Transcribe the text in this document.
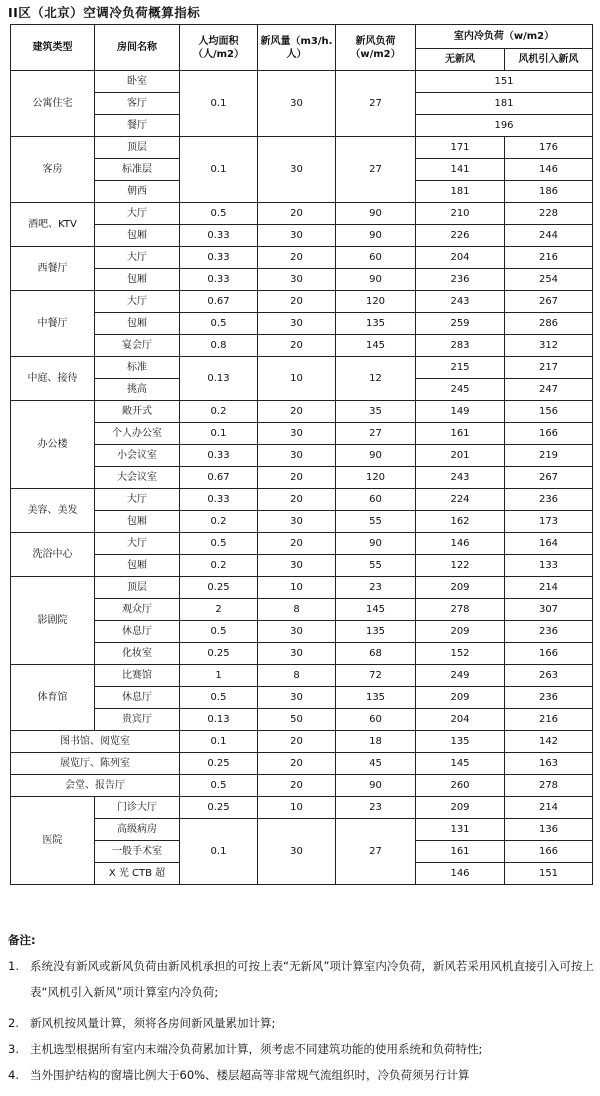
II区（北京）空调冷负荷概算指标
建筑类型	房间名称	人均面积（人/m2）	新风量（m3/h.人）	新风负荷（w/m2）	室内冷负荷（w/m2）	
					无新风	风机引入新风
公寓住宅	卧室	0.1	30	27	151	
	客厅				181	
	餐厅				196	
客房	顶层	0.1	30	27	171	176
	标准层				141	146
	朝西				181	186
酒吧、KTV	大厅	0.5	20	90	210	228
	包厢	0.33	30	90	226	244
西餐厅	大厅	0.33	20	60	204	216
	包厢	0.33	30	90	236	254
中餐厅	大厅	0.67	20	120	243	267
	包厢	0.5	30	135	259	286
	宴会厅	0.8	20	145	283	312
中庭、接待	标准	0.13	10	12	215	217
	挑高				245	247
办公楼	敞开式	0.2	20	35	149	156
	个人办公室	0.1	30	27	161	166
	小会议室	0.33	30	90	201	219
	大会议室	0.67	20	120	243	267
美容、美发	大厅	0.33	20	60	224	236
	包厢	0.2	30	55	162	173
洗浴中心	大厅	0.5	20	90	146	164
	包厢	0.2	30	55	122	133
影剧院	顶层	0.25	10	23	209	214
	观众厅	2	8	145	278	307
	休息厅	0.5	30	135	209	236
	化妆室	0.25	30	68	152	166
体育馆	比赛馆	1	8	72	249	263
	休息厅	0.5	30	135	209	236
	贵宾厅	0.13	50	60	204	216
图书馆、阅览室		0.1	20	18	135	142
展览厅、陈列室		0.25	20	45	145	163
会堂、报告厅		0.5	20	90	260	278
医院	门诊大厅	0.25	10	23	209	214
	高级病房	0.1	30	27	131	136
	一般手术室				161	166
	X 光 CTB 超				146	151
备注:
1. 系统没有新风或新风负荷由新风机承担的可按上表“无新风”项计算室内冷负荷，新风若采用风机直接引入可按上表“风机引入新风”项计算室内冷负荷;
2. 新风机按风量计算，须将各房间新风量累加计算;
3. 主机选型根据所有室内末端冷负荷累加计算，须考虑不同建筑功能的使用系统和负荷特性;
4. 当外围护结构的窗墙比例大于60%、楼层超高等非常规气流组织时，冷负荷须另行计算
